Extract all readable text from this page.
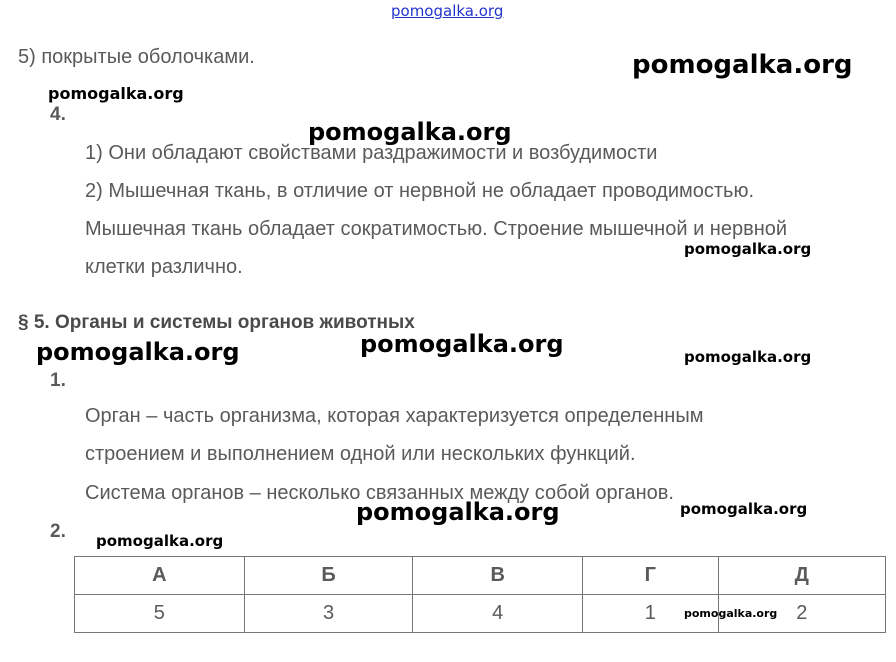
pomogalka.org
5) покрытые оболочками.
4.
1) Они обладают свойствами раздражимости и возбудимости
2) Мышечная ткань, в отличие от нервной не обладает проводимостью.
Мышечная ткань обладает сократимостью. Строение мышечной и нервной
клетки различно.
§ 5. Органы и системы органов животных
1.
Орган – часть организма, которая характеризуется определенным
строением и выполнением одной или нескольких функций.
Система органов – несколько связанных между собой органов.
2.
А	Б	В	Г	Д
5	3	4	1	2
pomogalka.org
pomogalka.org
pomogalka.org
pomogalka.org
pomogalka.org	pomogalka.org	pomogalka.org
pomogalka.org	pomogalka.org
pomogalka.org
pomogalka.org
